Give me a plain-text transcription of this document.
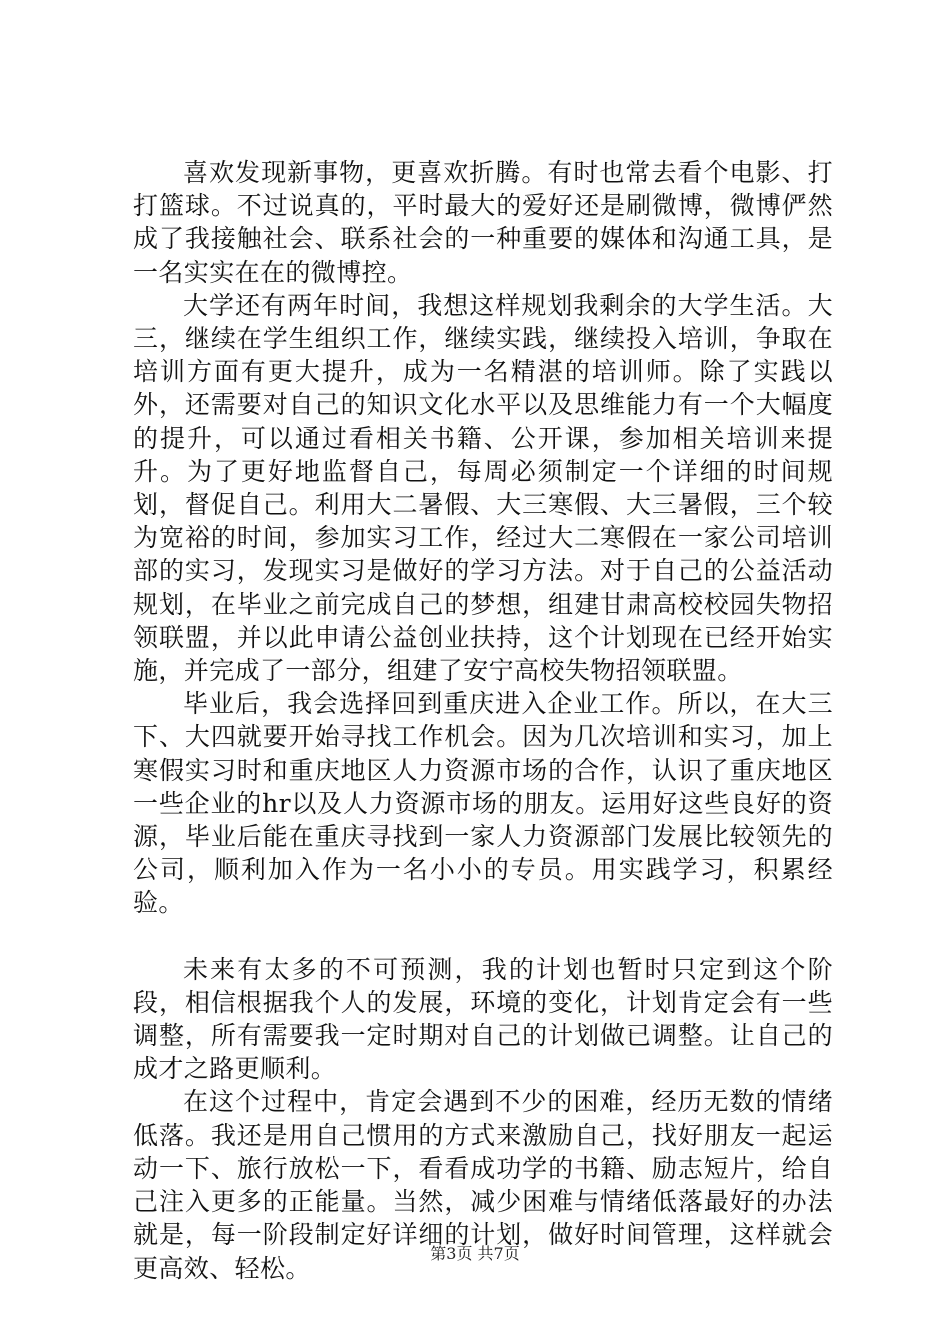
喜欢发现新事物，更喜欢折腾。有时也常去看个电影、打打篮球。不过说真的，平时最大的爱好还是刷微博，微博俨然成了我接触社会、联系社会的一种重要的媒体和沟通工具，是一名实实在在的微博控。

大学还有两年时间，我想这样规划我剩余的大学生活。大三，继续在学生组织工作，继续实践，继续投入培训，争取在培训方面有更大提升，成为一名精湛的培训师。除了实践以外，还需要对自己的知识文化水平以及思维能力有一个大幅度的提升，可以通过看相关书籍、公开课，参加相关培训来提升。为了更好地监督自己，每周必须制定一个详细的时间规划，督促自己。利用大二暑假、大三寒假、大三暑假，三个较为宽裕的时间，参加实习工作，经过大二寒假在一家公司培训部的实习，发现实习是做好的学习方法。对于自己的公益活动规划，在毕业之前完成自己的梦想，组建甘肃高校校园失物招领联盟，并以此申请公益创业扶持，这个计划现在已经开始实施，并完成了一部分，组建了安宁高校失物招领联盟。

毕业后，我会选择回到重庆进入企业工作。所以，在大三下、大四就要开始寻找工作机会。因为几次培训和实习，加上寒假实习时和重庆地区人力资源市场的合作，认识了重庆地区一些企业的hr以及人力资源市场的朋友。运用好这些良好的资源，毕业后能在重庆寻找到一家人力资源部门发展比较领先的公司，顺利加入作为一名小小的专员。用实践学习，积累经验。

未来有太多的不可预测，我的计划也暂时只定到这个阶段，相信根据我个人的发展，环境的变化，计划肯定会有一些调整，所有需要我一定时期对自己的计划做已调整。让自己的成才之路更顺利。

在这个过程中，肯定会遇到不少的困难，经历无数的情绪低落。我还是用自己惯用的方式来激励自己，找好朋友一起运动一下、旅行放松一下，看看成功学的书籍、励志短片，给自己注入更多的正能量。当然，减少困难与情绪低落最好的办法就是，每一阶段制定好详细的计划，做好时间管理，这样就会更高效、轻松。	第3页 共7页
